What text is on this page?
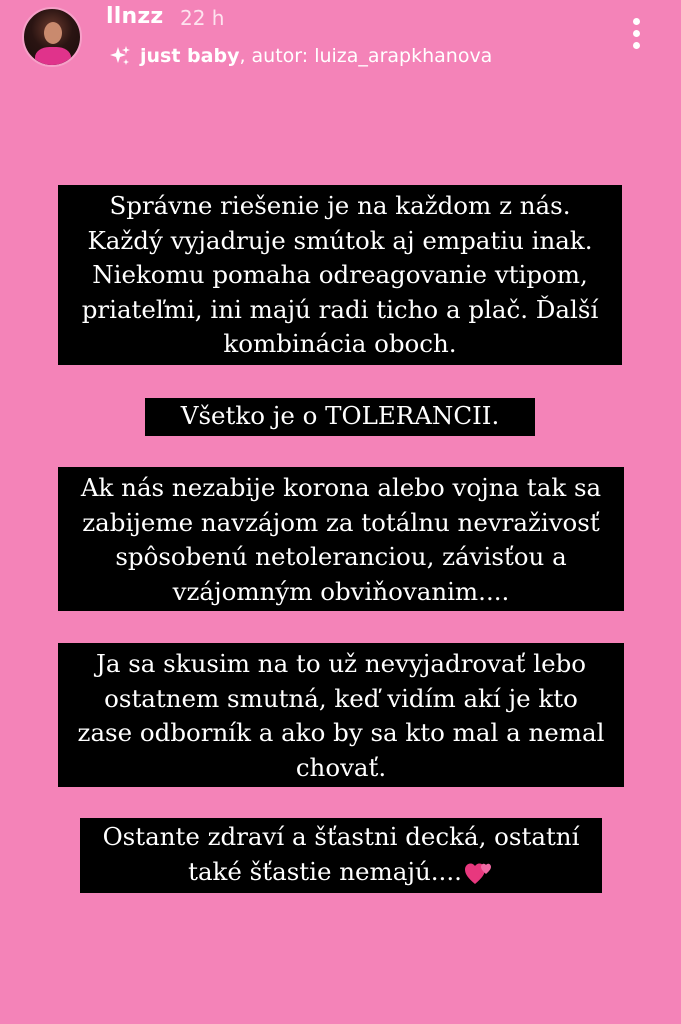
llnzz 22 h
just baby , autor: luiza_arapkhanova
Správne riešenie je na každom z nás.
Každý vyjadruje smútok aj empatiu inak.
Niekomu pomaha odreagovanie vtipom,
priateľmi, ini majú radi ticho a plač. Ďalší
kombinácia oboch.
Všetko je o TOLERANCII.
Ak nás nezabije korona alebo vojna tak sa
zabijeme navzájom za totálnu nevraživosť
spôsobenú netoleranciou, závisťou a
vzájomným obviňovanim....
Ja sa skusim na to už nevyjadrovať lebo
ostatnem smutná, keď vidím akí je kto
zase odborník a ako by sa kto mal a nemal
chovať.
Ostante zdraví a šťastni decká, ostatní
také šťastie nemajú....
